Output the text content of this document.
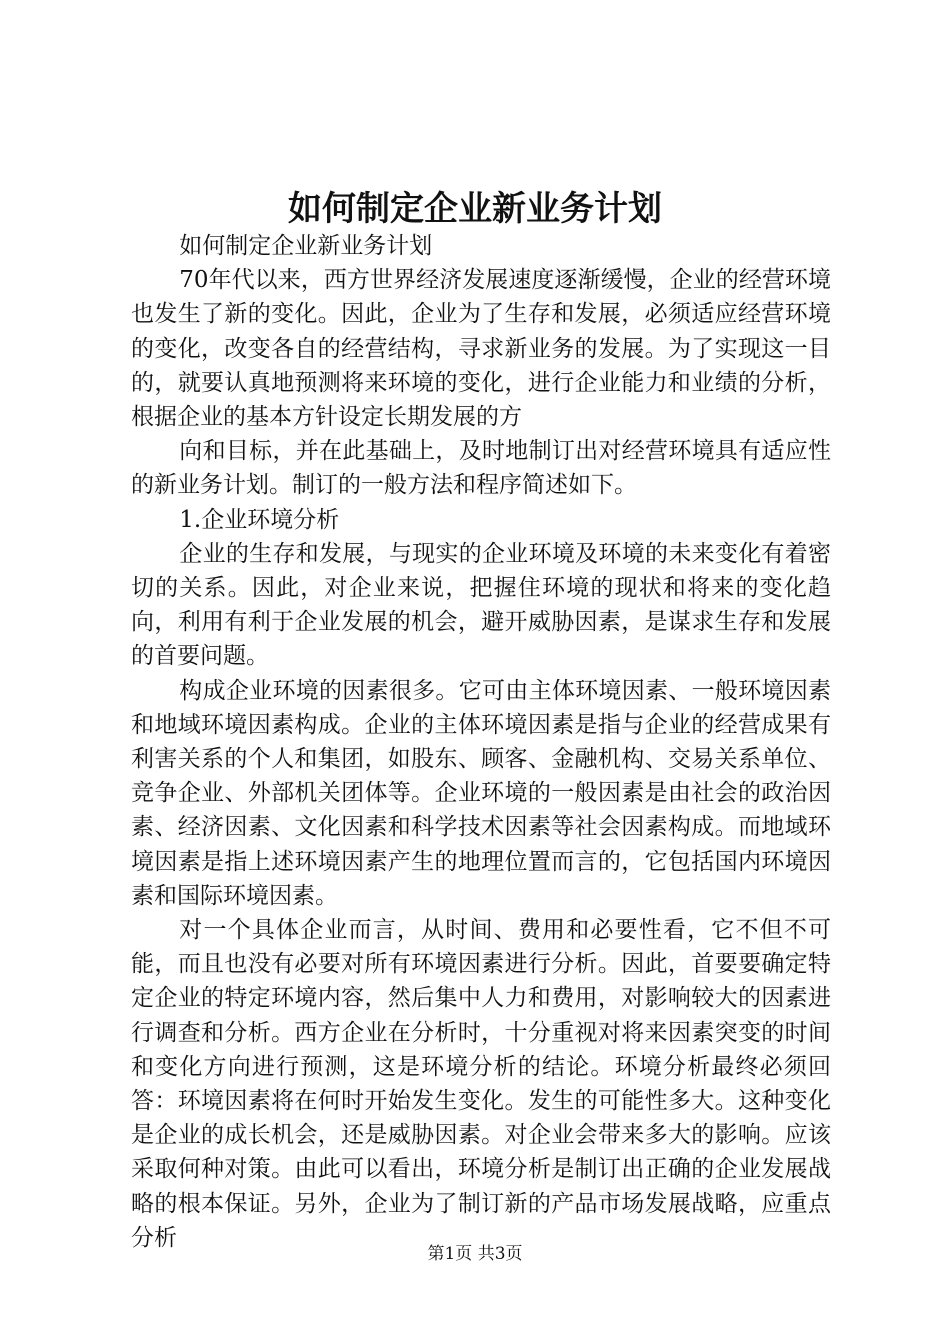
如何制定企业新业务计划

如何制定企业新业务计划

70年代以来，西方世界经济发展速度逐渐缓慢，企业的经营环境也发生了新的变化。因此，企业为了生存和发展，必须适应经营环境的变化，改变各自的经营结构，寻求新业务的发展。为了实现这一目的，就要认真地预测将来环境的变化，进行企业能力和业绩的分析，根据企业的基本方针设定长期发展的方

向和目标，并在此基础上，及时地制订出对经营环境具有适应性的新业务计划。制订的一般方法和程序简述如下。

1.企业环境分析

企业的生存和发展，与现实的企业环境及环境的未来变化有着密切的关系。因此，对企业来说，把握住环境的现状和将来的变化趋向，利用有利于企业发展的机会，避开威胁因素，是谋求生存和发展的首要问题。

构成企业环境的因素很多。它可由主体环境因素、一般环境因素和地域环境因素构成。企业的主体环境因素是指与企业的经营成果有利害关系的个人和集团，如股东、顾客、金融机构、交易关系单位、竞争企业、外部机关团体等。企业环境的一般因素是由社会的政治因素、经济因素、文化因素和科学技术因素等社会因素构成。而地域环境因素是指上述环境因素产生的地理位置而言的，它包括国内环境因素和国际环境因素。

对一个具体企业而言，从时间、费用和必要性看，它不但不可能，而且也没有必要对所有环境因素进行分析。因此，首要要确定特定企业的特定环境内容，然后集中人力和费用，对影响较大的因素进行调查和分析。西方企业在分析时，十分重视对将来因素突变的时间和变化方向进行预测，这是环境分析的结论。环境分析最终必须回答：环境因素将在何时开始发生变化。发生的可能性多大。这种变化是企业的成长机会，还是威胁因素。对企业会带来多大的影响。应该采取何种对策。由此可以看出，环境分析是制订出正确的企业发展战略的根本保证。另外，企业为了制订新的产品市场发展战略，应重点分析

第1页 共3页
